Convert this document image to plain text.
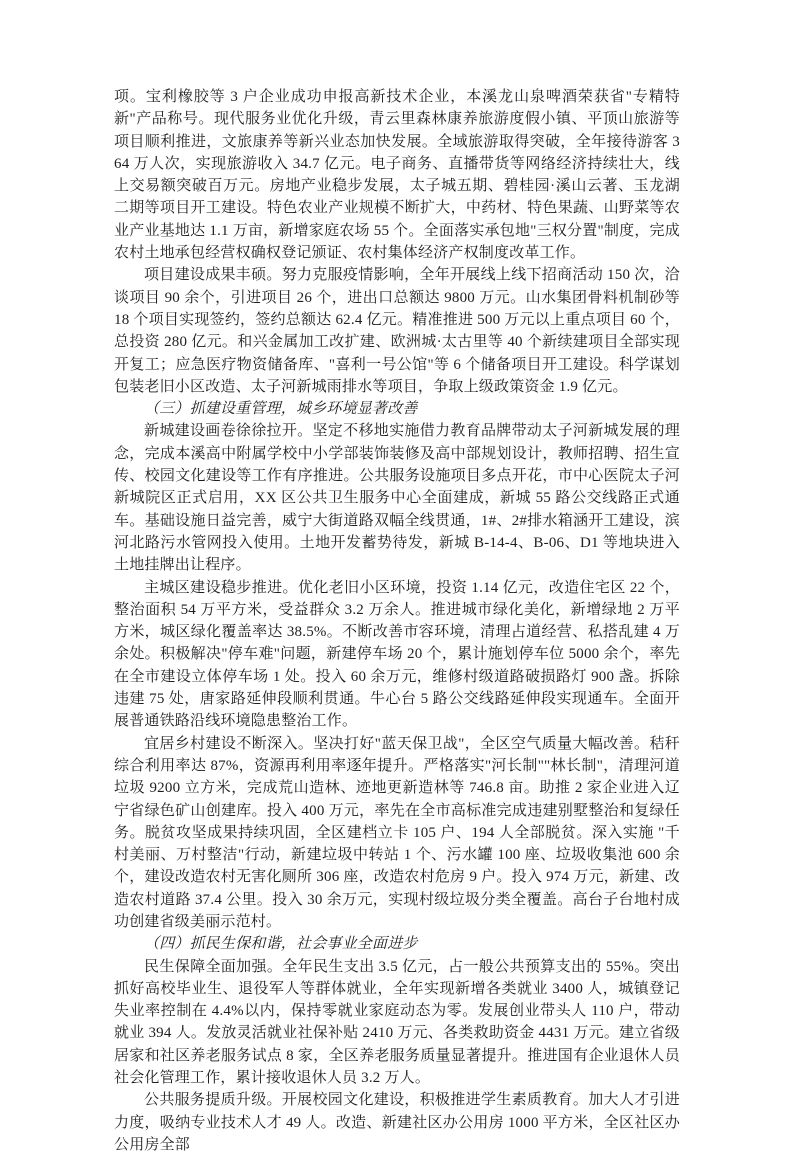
项。宝利橡胶等 3 户企业成功申报高新技术企业，本溪龙山泉啤酒荣获省"专精特新"产品称号。现代服务业优化升级，青云里森林康养旅游度假小镇、平顶山旅游等项目顺利推进，文旅康养等新兴业态加快发展。全域旅游取得突破，全年接待游客 364 万人次，实现旅游收入 34.7 亿元。电子商务、直播带货等网络经济持续壮大，线上交易额突破百万元。房地产业稳步发展，太子城五期、碧桂园·溪山云著、玉龙湖二期等项目开工建设。特色农业产业规模不断扩大，中药材、特色果蔬、山野菜等农业产业基地达 1.1 万亩，新增家庭农场 55 个。全面落实承包地"三权分置"制度，完成农村土地承包经营权确权登记颁证、农村集体经济产权制度改革工作。

项目建设成果丰硕。努力克服疫情影响，全年开展线上线下招商活动 150 次，洽谈项目 90 余个，引进项目 26 个，进出口总额达 9800 万元。山水集团骨料机制砂等 18 个项目实现签约，签约总额达 62.4 亿元。精准推进 500 万元以上重点项目 60 个，总投资 280 亿元。和兴金属加工改扩建、欧洲城·太古里等 40 个新续建项目全部实现开复工；应急医疗物资储备库、"喜利一号公馆"等 6 个储备项目开工建设。科学谋划包装老旧小区改造、太子河新城雨排水等项目，争取上级政策资金 1.9 亿元。

（三）抓建设重管理，城乡环境显著改善

新城建设画卷徐徐拉开。坚定不移地实施借力教育品牌带动太子河新城发展的理念，完成本溪高中附属学校中小学部装饰装修及高中部规划设计，教师招聘、招生宣传、校园文化建设等工作有序推进。公共服务设施项目多点开花，市中心医院太子河新城院区正式启用，XX 区公共卫生服务中心全面建成，新城 55 路公交线路正式通车。基础设施日益完善，威宁大街道路双幅全线贯通，1#、2#排水箱涵开工建设，滨河北路污水管网投入使用。土地开发蓄势待发，新城 B-14-4、B-06、D1 等地块进入土地挂牌出让程序。

主城区建设稳步推进。优化老旧小区环境，投资 1.14 亿元，改造住宅区 22 个，整治面积 54 万平方米，受益群众 3.2 万余人。推进城市绿化美化，新增绿地 2 万平方米，城区绿化覆盖率达 38.5%。不断改善市容环境，清理占道经营、私搭乱建 4 万余处。积极解决"停车难"问题，新建停车场 20 个，累计施划停车位 5000 余个，率先在全市建设立体停车场 1 处。投入 60 余万元，维修村级道路破损路灯 900 盏。拆除违建 75 处，唐家路延伸段顺利贯通。牛心台 5 路公交线路延伸段实现通车。全面开展普通铁路沿线环境隐患整治工作。

宜居乡村建设不断深入。坚决打好"蓝天保卫战"，全区空气质量大幅改善。秸秆综合利用率达 87%，资源再利用率逐年提升。严格落实"河长制""林长制"，清理河道垃圾 9200 立方米，完成荒山造林、迹地更新造林等 746.8 亩。助推 2 家企业进入辽宁省绿色矿山创建库。投入 400 万元，率先在全市高标准完成违建别墅整治和复绿任务。脱贫攻坚成果持续巩固，全区建档立卡 105 户、194 人全部脱贫。深入实施 "千村美丽、万村整洁"行动，新建垃圾中转站 1 个、污水罐 100 座、垃圾收集池 600 余个，建设改造农村无害化厕所 306 座，改造农村危房 9 户。投入 974 万元，新建、改造农村道路 37.4 公里。投入 30 余万元，实现村级垃圾分类全覆盖。高台子台地村成功创建省级美丽示范村。

（四）抓民生保和谐，社会事业全面进步

民生保障全面加强。全年民生支出 3.5 亿元，占一般公共预算支出的 55%。突出抓好高校毕业生、退役军人等群体就业，全年实现新增各类就业 3400 人，城镇登记失业率控制在 4.4%以内，保持零就业家庭动态为零。发展创业带头人 110 户，带动就业 394 人。发放灵活就业社保补贴 2410 万元、各类救助资金 4431 万元。建立省级居家和社区养老服务试点 8 家，全区养老服务质量显著提升。推进国有企业退休人员社会化管理工作，累计接收退休人员 3.2 万人。

公共服务提质升级。开展校园文化建设，积极推进学生素质教育。加大人才引进力度，吸纳专业技术人才 49 人。改造、新建社区办公用房 1000 平方米，全区社区办公用房全部
